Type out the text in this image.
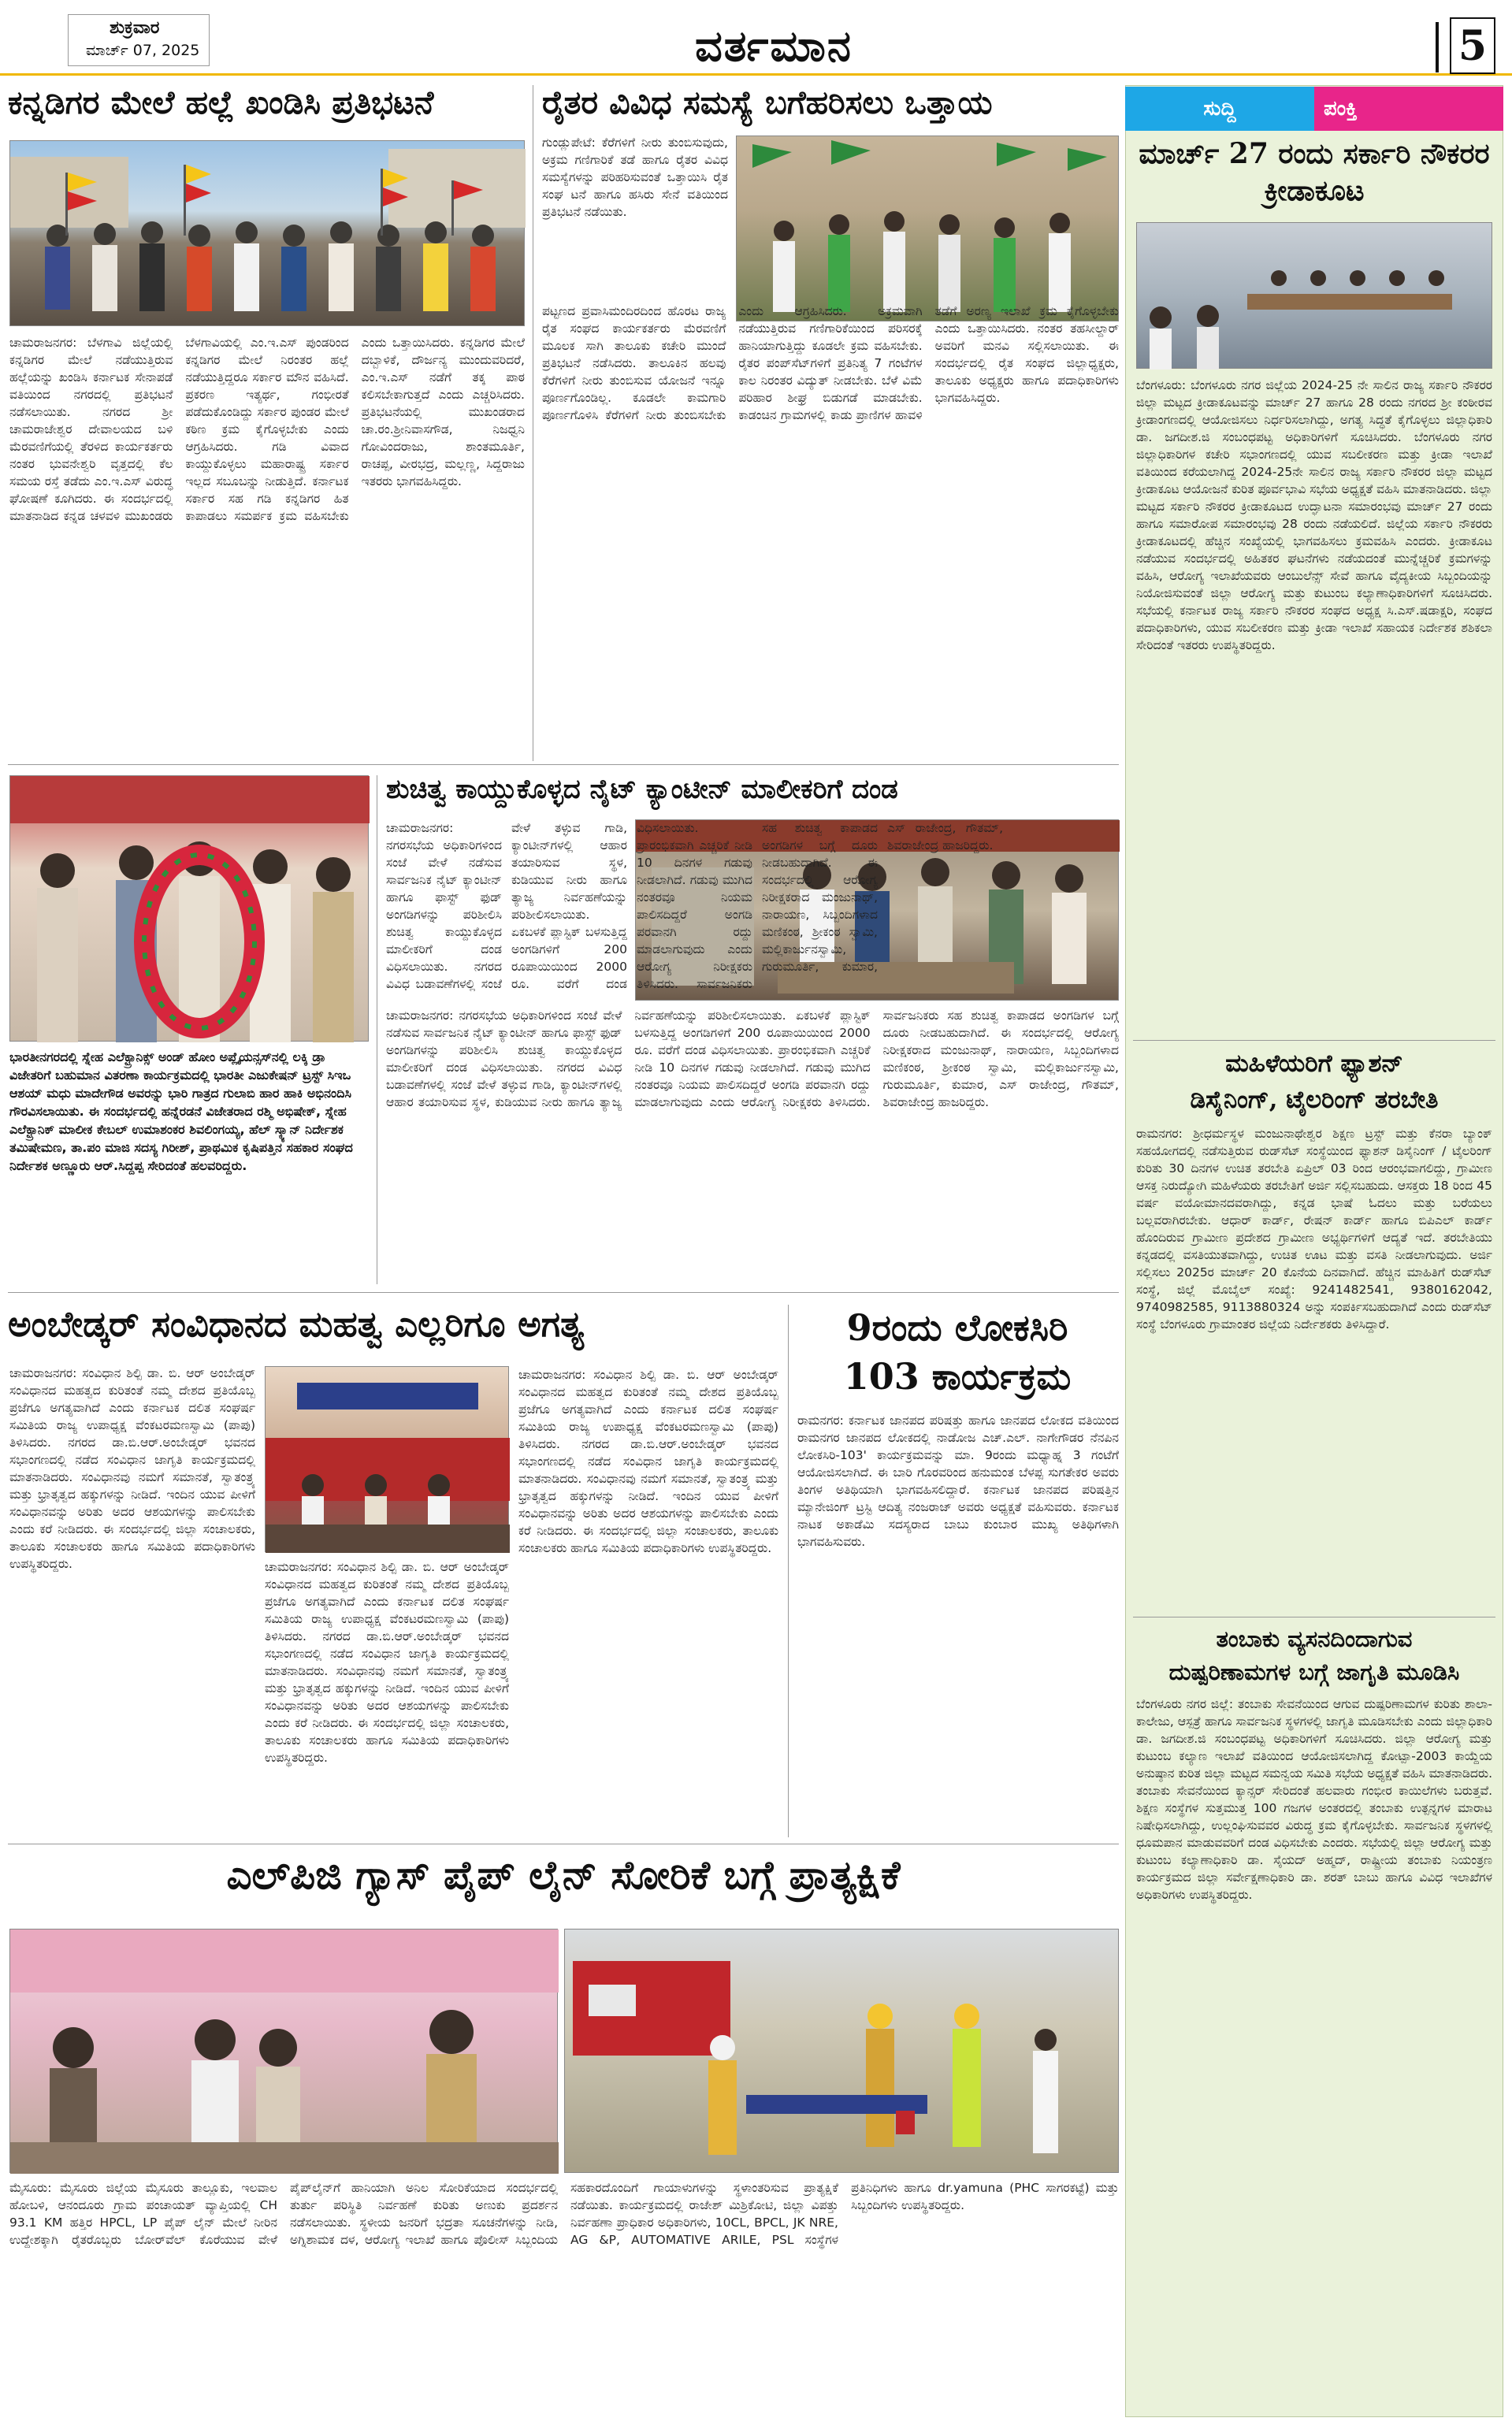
ಶುಕ್ರವಾರ
ಮಾರ್ಚ್ 07, 2025	ವರ್ತಮಾನ	5
ಕನ್ನಡಿಗರ ಮೇಲೆ ಹಲ್ಲೆ ಖಂಡಿಸಿ ಪ್ರತಿಭಟನೆ
ಚಾಮರಾಜನಗರ: ಬೆಳಗಾವಿ ಜಿಲ್ಲೆಯಲ್ಲಿ ಕನ್ನಡಿಗರ ಮೇಲೆ ನಡೆಯುತ್ತಿರುವ ಹಲ್ಲೆಯನ್ನು ಖಂಡಿಸಿ ಕರ್ನಾಟಕ ಸೇನಾಪಡೆ ವತಿಯಿಂದ ನಗರದಲ್ಲಿ ಪ್ರತಿಭಟನೆ ನಡೆಸಲಾಯಿತು. ನಗರದ ಶ್ರೀ ಚಾಮರಾಜೇಶ್ವರ ದೇವಾಲಯದ ಬಳಿ ಮೆರವಣಿಗೆಯಲ್ಲಿ ತೆರಳಿದ ಕಾರ್ಯಕರ್ತರು ನಂತರ ಭುವನೇಶ್ವರಿ ವೃತ್ತದಲ್ಲಿ ಕೆಲ ಸಮಯ ರಸ್ತೆ ತಡೆದು ಎಂ.ಇ.ಎಸ್ ವಿರುದ್ಧ ಘೋಷಣೆ ಕೂಗಿದರು. ಈ ಸಂದರ್ಭದಲ್ಲಿ ಮಾತನಾಡಿದ ಕನ್ನಡ ಚಳವಳಿ ಮುಖಂಡರು ಬೆಳಗಾವಿಯಲ್ಲಿ ಎಂ.ಇ.ಎಸ್ ಪುಂಡರಿಂದ ಕನ್ನಡಿಗರ ಮೇಲೆ ನಿರಂತರ ಹಲ್ಲೆ ನಡೆಯುತ್ತಿದ್ದರೂ ಸರ್ಕಾರ ಮೌನ ವಹಿಸಿದೆ. ಪ್ರಕರಣ ಇತ್ಯರ್ಥ, ಗಂಭೀರತೆ ಪಡೆದುಕೊಂಡಿದ್ದು ಸರ್ಕಾರ ಪುಂಡರ ಮೇಲೆ ಕಠಿಣ ಕ್ರಮ ಕೈಗೊಳ್ಳಬೇಕು ಎಂದು ಆಗ್ರಹಿಸಿದರು. ಗಡಿ ವಿವಾದ ಕಾಯ್ದುಕೊಳ್ಳಲು ಮಹಾರಾಷ್ಟ್ರ ಸರ್ಕಾರ ಇಲ್ಲದ ಸಬೂಬನ್ನು ನೀಡುತ್ತಿದೆ. ಕರ್ನಾಟಕ ಸರ್ಕಾರ ಸಹ ಗಡಿ ಕನ್ನಡಿಗರ ಹಿತ ಕಾಪಾಡಲು ಸಮರ್ಪಕ ಕ್ರಮ ವಹಿಸಬೇಕು ಎಂದು ಒತ್ತಾಯಿಸಿದರು. ಕನ್ನಡಿಗರ ಮೇಲೆ ದಬ್ಬಾಳಿಕೆ, ದೌರ್ಜನ್ಯ ಮುಂದುವರಿದರೆ, ಎಂ.ಇ.ಎಸ್ ನಡೆಗೆ ತಕ್ಕ ಪಾಠ ಕಲಿಸಬೇಕಾಗುತ್ತದೆ ಎಂದು ಎಚ್ಚರಿಸಿದರು. ಪ್ರತಿಭಟನೆಯಲ್ಲಿ ಮುಖಂಡರಾದ ಚಾ.ರಂ.ಶ್ರೀನಿವಾಸಗೌಡ, ನಿಜಧ್ವನಿ ಗೋವಿಂದರಾಜು, ಶಾಂತಮೂರ್ತಿ, ರಾಚಪ್ಪ, ವೀರಭದ್ರ, ಮಲ್ಲಣ್ಣ, ಸಿದ್ದರಾಜು ಇತರರು ಭಾಗವಹಿಸಿದ್ದರು.
ರೈತರ ವಿವಿಧ ಸಮಸ್ಯೆ ಬಗೆಹರಿಸಲು ಒತ್ತಾಯ
ಗುಂಡ್ಲುಪೇಟೆ: ಕೆರೆಗಳಿಗೆ ನೀರು ತುಂಬಿಸುವುದು, ಅಕ್ರಮ ಗಣಿಗಾರಿಕೆ ತಡೆ ಹಾಗೂ ರೈತರ ವಿವಿಧ ಸಮಸ್ಯೆಗಳನ್ನು ಪರಿಹರಿಸುವಂತೆ ಒತ್ತಾಯಿಸಿ ರೈತ ಸಂಘ ಟನೆ ಹಾಗೂ ಹಸಿರು ಸೇನೆ ವತಿಯಿಂದ ಪ್ರತಿಭಟನೆ ನಡೆಯಿತು.
ಪಟ್ಟಣದ ಪ್ರವಾಸಿಮಂದಿರದಿಂದ ಹೊರಟ ರಾಜ್ಯ ರೈತ ಸಂಘದ ಕಾರ್ಯಕರ್ತರು ಮೆರವಣಿಗೆ ಮೂಲಕ ಸಾಗಿ ತಾಲೂಕು ಕಚೇರಿ ಮುಂದೆ ಪ್ರತಿಭಟನೆ ನಡೆಸಿದರು. ತಾಲೂಕಿನ ಹಲವು ಕೆರೆಗಳಿಗೆ ನೀರು ತುಂಬಿಸುವ ಯೋಜನೆ ಇನ್ನೂ ಪೂರ್ಣಗೊಂಡಿಲ್ಲ. ಕೂಡಲೇ ಕಾಮಗಾರಿ ಪೂರ್ಣಗೊಳಿಸಿ ಕೆರೆಗಳಿಗೆ ನೀರು ತುಂಬಿಸಬೇಕು ಎಂದು ಆಗ್ರಹಿಸಿದರು. ಅಕ್ರಮವಾಗಿ ನಡೆಯುತ್ತಿರುವ ಗಣಿಗಾರಿಕೆಯಿಂದ ಪರಿಸರಕ್ಕೆ ಹಾನಿಯಾಗುತ್ತಿದ್ದು ಕೂಡಲೇ ಕ್ರಮ ವಹಿಸಬೇಕು. ರೈತರ ಪಂಪ್‌ಸೆಟ್‌ಗಳಿಗೆ ಪ್ರತಿನಿತ್ಯ 7 ಗಂಟೆಗಳ ಕಾಲ ನಿರಂತರ ವಿದ್ಯುತ್ ನೀಡಬೇಕು. ಬೆಳೆ ವಿಮೆ ಪರಿಹಾರ ಶೀಘ್ರ ಬಿಡುಗಡೆ ಮಾಡಬೇಕು. ಕಾಡಂಚಿನ ಗ್ರಾಮಗಳಲ್ಲಿ ಕಾಡು ಪ್ರಾಣಿಗಳ ಹಾವಳಿ ತಡೆಗೆ ಅರಣ್ಯ ಇಲಾಖೆ ಕ್ರಮ ಕೈಗೊಳ್ಳಬೇಕು ಎಂದು ಒತ್ತಾಯಿಸಿದರು. ನಂತರ ತಹಸೀಲ್ದಾರ್ ಅವರಿಗೆ ಮನವಿ ಸಲ್ಲಿಸಲಾಯಿತು. ಈ ಸಂದರ್ಭದಲ್ಲಿ ರೈತ ಸಂಘದ ಜಿಲ್ಲಾಧ್ಯಕ್ಷರು, ತಾಲೂಕು ಅಧ್ಯಕ್ಷರು ಹಾಗೂ ಪದಾಧಿಕಾರಿಗಳು ಭಾಗವಹಿಸಿದ್ದರು.
ಭಾರತೀನಗರದಲ್ಲಿ ಸ್ನೇಹ ಎಲೆಕ್ಟ್ರಾನಿಕ್ಸ್ ಅಂಡ್ ಹೋಂ ಅಪ್ಲೈಯನ್ಸಸ್‌ನಲ್ಲಿ ಲಕ್ಕಿ ಡ್ರಾ ವಿಜೇತರಿಗೆ ಬಹುಮಾನ ವಿತರಣಾ ಕಾರ್ಯಕ್ರಮದಲ್ಲಿ ಭಾರತೀ ಎಜುಕೇಷನ್ ಟ್ರಸ್ಟ್ ಸಿಇಒ ಆಶಯ್ ಮಧು ಮಾದೇಗೌಡ ಅವರನ್ನು ಭಾರಿ ಗಾತ್ರದ ಗುಲಾಬಿ ಹಾರ ಹಾಕಿ ಅಭಿನಂದಿಸಿ ಗೌರವಿಸಲಾಯಿತು. ಈ ಸಂದರ್ಭದಲ್ಲಿ ಹನ್ನೆರಡನೆ ವಿಜೇತರಾದ ರಶ್ಮಿ ಅಭಿಷೇಕ್, ಸ್ನೇಹ ಎಲೆಕ್ಟ್ರಾನಿಕ್ ಮಾಲೀಕ ಕೇಬಲ್ ಉಮಾಶಂಕರ ಶಿವಲಿಂಗಯ್ಯ, ಹೆಲ್ ಸ್ಕ್ಯಾನ್ ನಿರ್ದೇಶಕ ತಮಿಷೇಮಣ, ತಾ.ಪಂ ಮಾಜಿ ಸದಸ್ಯ ಗಿರೀಶ್, ಪ್ರಾಥಮಿಕ ಕೃಷಿಪತ್ತಿನ ಸಹಕಾರ ಸಂಘದ ನಿರ್ದೇಶಕ ಅಣ್ಣೂರು ಆರ್.ಸಿದ್ದಪ್ಪ ಸೇರಿದಂತೆ ಹಲವರಿದ್ದರು.
ಶುಚಿತ್ವ ಕಾಯ್ದುಕೊಳ್ಳದ ನೈಟ್ ಕ್ಯಾಂಟೀನ್ ಮಾಲೀಕರಿಗೆ ದಂಡ
ಚಾಮರಾಜನಗರ: ನಗರಸಭೆಯ ಅಧಿಕಾರಿಗಳಿಂದ ಸಂಜೆ ವೇಳೆ ನಡೆಸುವ ಸಾರ್ವಜನಿಕ ನೈಟ್ ಕ್ಯಾಂಟೀನ್ ಹಾಗೂ ಫಾಸ್ಟ್ ಫುಡ್ ಅಂಗಡಿಗಳನ್ನು ಪರಿಶೀಲಿಸಿ ಶುಚಿತ್ವ ಕಾಯ್ದುಕೊಳ್ಳದ ಮಾಲೀಕರಿಗೆ ದಂಡ ವಿಧಿಸಲಾಯಿತು. ನಗರದ ವಿವಿಧ ಬಡಾವಣೆಗಳಲ್ಲಿ ಸಂಜೆ ವೇಳೆ ತಳ್ಳುವ ಗಾಡಿ, ಕ್ಯಾಂಟೀನ್‌ಗಳಲ್ಲಿ ಆಹಾರ ತಯಾರಿಸುವ ಸ್ಥಳ, ಕುಡಿಯುವ ನೀರು ಹಾಗೂ ತ್ಯಾಜ್ಯ ನಿರ್ವಹಣೆಯನ್ನು ಪರಿಶೀಲಿಸಲಾಯಿತು. ಏಕಬಳಕೆ ಪ್ಲಾಸ್ಟಿಕ್ ಬಳಸುತ್ತಿದ್ದ ಅಂಗಡಿಗಳಿಗೆ 200 ರೂಪಾಯಿಯಿಂದ 2000 ರೂ. ವರೆಗೆ ದಂಡ
ಚಾಮರಾಜನಗರ: ನಗರಸಭೆಯ ಅಧಿಕಾರಿಗಳಿಂದ ಸಂಜೆ ವೇಳೆ ನಡೆಸುವ ಸಾರ್ವಜನಿಕ ನೈಟ್ ಕ್ಯಾಂಟೀನ್ ಹಾಗೂ ಫಾಸ್ಟ್ ಫುಡ್ ಅಂಗಡಿಗಳನ್ನು ಪರಿಶೀಲಿಸಿ ಶುಚಿತ್ವ ಕಾಯ್ದುಕೊಳ್ಳದ ಮಾಲೀಕರಿಗೆ ದಂಡ ವಿಧಿಸಲಾಯಿತು. ನಗರದ ವಿವಿಧ ಬಡಾವಣೆಗಳಲ್ಲಿ ಸಂಜೆ ವೇಳೆ ತಳ್ಳುವ ಗಾಡಿ, ಕ್ಯಾಂಟೀನ್‌ಗಳಲ್ಲಿ ಆಹಾರ ತಯಾರಿಸುವ ಸ್ಥಳ, ಕುಡಿಯುವ ನೀರು ಹಾಗೂ ತ್ಯಾಜ್ಯ ನಿರ್ವಹಣೆಯನ್ನು ಪರಿಶೀಲಿಸಲಾಯಿತು. ಏಕಬಳಕೆ ಪ್ಲಾಸ್ಟಿಕ್ ಬಳಸುತ್ತಿದ್ದ ಅಂಗಡಿಗಳಿಗೆ 200 ರೂಪಾಯಿಯಿಂದ 2000 ರೂ. ವರೆಗೆ ದಂಡ ವಿಧಿಸಲಾಯಿತು. ಪ್ರಾರಂಭಿಕವಾಗಿ ಎಚ್ಚರಿಕೆ ನೀಡಿ 10 ದಿನಗಳ ಗಡುವು ನೀಡಲಾಗಿದೆ. ಗಡುವು ಮುಗಿದ ನಂತರವೂ ನಿಯಮ ಪಾಲಿಸದಿದ್ದರೆ ಅಂಗಡಿ ಪರವಾನಗಿ ರದ್ದು ಮಾಡಲಾಗುವುದು ಎಂದು ಆರೋಗ್ಯ ನಿರೀಕ್ಷಕರು ತಿಳಿಸಿದರು. ಸಾರ್ವಜನಿಕರು ಸಹ ಶುಚಿತ್ವ ಕಾಪಾಡದ ಅಂಗಡಿಗಳ ಬಗ್ಗೆ ದೂರು ನೀಡಬಹುದಾಗಿದೆ. ಈ ಸಂದರ್ಭದಲ್ಲಿ ಆರೋಗ್ಯ ನಿರೀಕ್ಷಕರಾದ ಮಂಜುನಾಥ್, ನಾರಾಯಣ, ಸಿಬ್ಬಂದಿಗಳಾದ ಮಣಿಕಂಠ, ಶ್ರೀಕಂಠ ಸ್ವಾಮಿ, ಮಲ್ಲಿಕಾರ್ಜುನಸ್ವಾಮಿ, ಗುರುಮೂರ್ತಿ, ಕುಮಾರ, ಎಸ್ ರಾಜೇಂದ್ರ, ಗೌತಮ್, ಶಿವರಾಜೇಂದ್ರ ಹಾಜರಿದ್ದರು.
ಅಂಬೇಡ್ಕರ್ ಸಂವಿಧಾನದ ಮಹತ್ವ ಎಲ್ಲರಿಗೂ ಅಗತ್ಯ
ಚಾಮರಾಜನಗರ: ಸಂವಿಧಾನ ಶಿಲ್ಪಿ ಡಾ. ಬಿ. ಆರ್ ಅಂಬೇಡ್ಕರ್ ಸಂವಿಧಾನದ ಮಹತ್ವದ ಕುರಿತಂತೆ ನಮ್ಮ ದೇಶದ ಪ್ರತಿಯೊಬ್ಬ ಪ್ರಜೆಗೂ ಅಗತ್ಯವಾಗಿದೆ ಎಂದು ಕರ್ನಾಟಕ ದಲಿತ ಸಂಘರ್ಷ ಸಮಿತಿಯ ರಾಜ್ಯ ಉಪಾಧ್ಯಕ್ಷ ವೆಂಕಟರಮಣಸ್ವಾಮಿ (ಪಾಪು) ತಿಳಿಸಿದರು. ನಗರದ ಡಾ.ಬಿ.ಆರ್.ಅಂಬೇಡ್ಕರ್ ಭವನದ ಸಭಾಂಗಣದಲ್ಲಿ ನಡೆದ ಸಂವಿಧಾನ ಜಾಗೃತಿ ಕಾರ್ಯಕ್ರಮದಲ್ಲಿ ಮಾತನಾಡಿದರು. ಸಂವಿಧಾನವು ನಮಗೆ ಸಮಾನತೆ, ಸ್ವಾತಂತ್ರ್ಯ ಮತ್ತು ಭ್ರಾತೃತ್ವದ ಹಕ್ಕುಗಳನ್ನು ನೀಡಿದೆ. ಇಂದಿನ ಯುವ ಪೀಳಿಗೆ ಸಂವಿಧಾನವನ್ನು ಅರಿತು ಅದರ ಆಶಯಗಳನ್ನು ಪಾಲಿಸಬೇಕು ಎಂದು ಕರೆ ನೀಡಿದರು. ಈ ಸಂದರ್ಭದಲ್ಲಿ ಜಿಲ್ಲಾ ಸಂಚಾಲಕರು, ತಾಲೂಕು ಸಂಚಾಲಕರು ಹಾಗೂ ಸಮಿತಿಯ ಪದಾಧಿಕಾರಿಗಳು ಉಪಸ್ಥಿತರಿದ್ದರು.	ಚಾಮರಾಜನಗರ: ಸಂವಿಧಾನ ಶಿಲ್ಪಿ ಡಾ. ಬಿ. ಆರ್ ಅಂಬೇಡ್ಕರ್ ಸಂವಿಧಾನದ ಮಹತ್ವದ ಕುರಿತಂತೆ ನಮ್ಮ ದೇಶದ ಪ್ರತಿಯೊಬ್ಬ ಪ್ರಜೆಗೂ ಅಗತ್ಯವಾಗಿದೆ ಎಂದು ಕರ್ನಾಟಕ ದಲಿತ ಸಂಘರ್ಷ ಸಮಿತಿಯ ರಾಜ್ಯ ಉಪಾಧ್ಯಕ್ಷ ವೆಂಕಟರಮಣಸ್ವಾಮಿ (ಪಾಪು) ತಿಳಿಸಿದರು. ನಗರದ ಡಾ.ಬಿ.ಆರ್.ಅಂಬೇಡ್ಕರ್ ಭವನದ ಸಭಾಂಗಣದಲ್ಲಿ ನಡೆದ ಸಂವಿಧಾನ ಜಾಗೃತಿ ಕಾರ್ಯಕ್ರಮದಲ್ಲಿ ಮಾತನಾಡಿದರು. ಸಂವಿಧಾನವು ನಮಗೆ ಸಮಾನತೆ, ಸ್ವಾತಂತ್ರ್ಯ ಮತ್ತು ಭ್ರಾತೃತ್ವದ ಹಕ್ಕುಗಳನ್ನು ನೀಡಿದೆ. ಇಂದಿನ ಯುವ ಪೀಳಿಗೆ ಸಂವಿಧಾನವನ್ನು ಅರಿತು ಅದರ ಆಶಯಗಳನ್ನು ಪಾಲಿಸಬೇಕು ಎಂದು ಕರೆ ನೀಡಿದರು. ಈ ಸಂದರ್ಭದಲ್ಲಿ ಜಿಲ್ಲಾ ಸಂಚಾಲಕರು, ತಾಲೂಕು ಸಂಚಾಲಕರು ಹಾಗೂ ಸಮಿತಿಯ ಪದಾಧಿಕಾರಿಗಳು ಉಪಸ್ಥಿತರಿದ್ದರು.
ಚಾಮರಾಜನಗರ: ಸಂವಿಧಾನ ಶಿಲ್ಪಿ ಡಾ. ಬಿ. ಆರ್ ಅಂಬೇಡ್ಕರ್ ಸಂವಿಧಾನದ ಮಹತ್ವದ ಕುರಿತಂತೆ ನಮ್ಮ ದೇಶದ ಪ್ರತಿಯೊಬ್ಬ ಪ್ರಜೆಗೂ ಅಗತ್ಯವಾಗಿದೆ ಎಂದು ಕರ್ನಾಟಕ ದಲಿತ ಸಂಘರ್ಷ ಸಮಿತಿಯ ರಾಜ್ಯ ಉಪಾಧ್ಯಕ್ಷ ವೆಂಕಟರಮಣಸ್ವಾಮಿ (ಪಾಪು) ತಿಳಿಸಿದರು. ನಗರದ ಡಾ.ಬಿ.ಆರ್.ಅಂಬೇಡ್ಕರ್ ಭವನದ ಸಭಾಂಗಣದಲ್ಲಿ ನಡೆದ ಸಂವಿಧಾನ ಜಾಗೃತಿ ಕಾರ್ಯಕ್ರಮದಲ್ಲಿ ಮಾತನಾಡಿದರು. ಸಂವಿಧಾನವು ನಮಗೆ ಸಮಾನತೆ, ಸ್ವಾತಂತ್ರ್ಯ ಮತ್ತು ಭ್ರಾತೃತ್ವದ ಹಕ್ಕುಗಳನ್ನು ನೀಡಿದೆ. ಇಂದಿನ ಯುವ ಪೀಳಿಗೆ ಸಂವಿಧಾನವನ್ನು ಅರಿತು ಅದರ ಆಶಯಗಳನ್ನು ಪಾಲಿಸಬೇಕು ಎಂದು ಕರೆ ನೀಡಿದರು. ಈ ಸಂದರ್ಭದಲ್ಲಿ ಜಿಲ್ಲಾ ಸಂಚಾಲಕರು, ತಾಲೂಕು ಸಂಚಾಲಕರು ಹಾಗೂ ಸಮಿತಿಯ ಪದಾಧಿಕಾರಿಗಳು ಉಪಸ್ಥಿತರಿದ್ದರು.
9ರಂದು ಲೋಕಸಿರಿ
103 ಕಾರ್ಯಕ್ರಮ
ರಾಮನಗರ: ಕರ್ನಾಟಕ ಜಾನಪದ ಪರಿಷತ್ತು ಹಾಗೂ ಜಾನಪದ ಲೋಕದ ವತಿಯಿಂದ ರಾಮನಗರ ಜಾನಪದ ಲೋಕದಲ್ಲಿ ನಾಡೋಜ ಎಚ್.ಎಲ್. ನಾಗೇಗೌಡರ ನೆನಪಿನ ಲೋಕಸಿರಿ-103' ಕಾರ್ಯಕ್ರಮವನ್ನು ಮಾ. 9ರಂದು ಮಧ್ಯಾಹ್ನ 3 ಗಂಟೆಗೆ ಆಯೋಜಿಸಲಾಗಿದೆ. ಈ ಬಾರಿ ಗೊರವರಿಂದ ಹನುಮಂತ ಬೆಳಪ್ಪ ಸುಗತೇಕರ ಅವರು ತಿಂಗಳ ಅತಿಥಿಯಾಗಿ ಭಾಗವಹಿಸಲಿದ್ದಾರೆ. ಕರ್ನಾಟಕ ಜಾನಪದ ಪರಿಷತ್ತಿನ ಮ್ಯಾನೇಜಿಂಗ್ ಟ್ರಸ್ಟಿ ಆದಿತ್ಯ ನಂಜರಾಜ್ ಅವರು ಅಧ್ಯಕ್ಷತೆ ವಹಿಸುವರು. ಕರ್ನಾಟಕ ನಾಟಕ ಅಕಾಡೆಮಿ ಸದಸ್ಯರಾದ ಬಾಬು ಕುಂಬಾರ ಮುಖ್ಯ ಅತಿಥಿಗಳಾಗಿ ಭಾಗವಹಿಸುವರು.
ಎಲ್‌ಪಿಜಿ ಗ್ಯಾಸ್ ಪೈಪ್ ಲೈನ್ ಸೋರಿಕೆ ಬಗ್ಗೆ ಪ್ರಾತ್ಯಕ್ಷಿಕೆ
ಮೈಸೂರು: ಮೈಸೂರು ಜಿಲ್ಲೆಯ ಮೈಸೂರು ತಾಲ್ಲೂಕು, ಇಲವಾಲ ಹೋಬಳಿ, ಆನಂದೂರು ಗ್ರಾಮ ಪಂಚಾಯತ್ ವ್ಯಾಪ್ತಿಯಲ್ಲಿ CH 93.1 KM ಹತ್ತಿರ HPCL, LP ಪೈಪ್ ಲೈನ್ ಮೇಲೆ ನೀರಿನ ಉದ್ದೇಶಕ್ಕಾಗಿ ರೈತರೊಬ್ಬರು ಬೋರ್‌ವೆಲ್ ಕೊರೆಯುವ ವೇಳೆ ಪೈಪ್‌ಲೈನ್‌ಗೆ ಹಾನಿಯಾಗಿ ಅನಿಲ ಸೋರಿಕೆಯಾದ ಸಂದರ್ಭದಲ್ಲಿ ತುರ್ತು ಪರಿಸ್ಥಿತಿ ನಿರ್ವಹಣೆ ಕುರಿತು ಅಣುಕು ಪ್ರದರ್ಶನ ನಡೆಸಲಾಯಿತು. ಸ್ಥಳೀಯ ಜನರಿಗೆ ಭದ್ರತಾ ಸೂಚನೆಗಳನ್ನು ನೀಡಿ, ಅಗ್ನಿಶಾಮಕ ದಳ, ಆರೋಗ್ಯ ಇಲಾಖೆ ಹಾಗೂ ಪೊಲೀಸ್ ಸಿಬ್ಬಂದಿಯ ಸಹಕಾರದೊಂದಿಗೆ ಗಾಯಾಳುಗಳನ್ನು ಸ್ಥಳಾಂತರಿಸುವ ಪ್ರಾತ್ಯಕ್ಷಿಕೆ ನಡೆಯಿತು. ಕಾರ್ಯಕ್ರಮದಲ್ಲಿ ರಾಜೇಶ್ ಮಿಶ್ರಿಕೋಟಿ, ಜಿಲ್ಲಾ ವಿಪತ್ತು ನಿರ್ವಹಣಾ ಪ್ರಾಧಿಕಾರ ಅಧಿಕಾರಿಗಳು, 10CL, BPCL, JK NRE, AG &P, AUTOMATIVE ARILE, PSL ಸಂಸ್ಥೆಗಳ ಪ್ರತಿನಿಧಿಗಳು ಹಾಗೂ dr.yamuna (PHC ಸಾಗರಕಟ್ಟೆ) ಮತ್ತು ಸಿಬ್ಬಂದಿಗಳು ಉಪಸ್ಥಿತರಿದ್ದರು.
ಸುದ್ದಿ	ಪಂಕ್ತಿ
ಮಾರ್ಚ್ 27 ರಂದು ಸರ್ಕಾರಿ ನೌಕರರ ಕ್ರೀಡಾಕೂಟ
ಬೆಂಗಳೂರು: ಬೆಂಗಳೂರು ನಗರ ಜಿಲ್ಲೆಯ 2024-25 ನೇ ಸಾಲಿನ ರಾಜ್ಯ ಸರ್ಕಾರಿ ನೌಕರರ ಜಿಲ್ಲಾ ಮಟ್ಟದ ಕ್ರೀಡಾಕೂಟವನ್ನು ಮಾರ್ಚ್ 27 ಹಾಗೂ 28 ರಂದು ನಗರದ ಶ್ರೀ ಕಂಠೀರವ ಕ್ರೀಡಾಂಗಣದಲ್ಲಿ ಆಯೋಜಿಸಲು ನಿರ್ಧರಿಸಲಾಗಿದ್ದು, ಅಗತ್ಯ ಸಿದ್ಧತೆ ಕೈಗೊಳ್ಳಲು ಜಿಲ್ಲಾಧಿಕಾರಿ ಡಾ. ಜಗದೀಶ.ಜಿ ಸಂಬಂಧಪಟ್ಟ ಅಧಿಕಾರಿಗಳಿಗೆ ಸೂಚಿಸಿದರು. ಬೆಂಗಳೂರು ನಗರ ಜಿಲ್ಲಾಧಿಕಾರಿಗಳ ಕಚೇರಿ ಸಭಾಂಗಣದಲ್ಲಿ ಯುವ ಸಬಲೀಕರಣ ಮತ್ತು ಕ್ರೀಡಾ ಇಲಾಖೆ ವತಿಯಿಂದ ಕರೆಯಲಾಗಿದ್ದ 2024-25ನೇ ಸಾಲಿನ ರಾಜ್ಯ ಸರ್ಕಾರಿ ನೌಕರರ ಜಿಲ್ಲಾ ಮಟ್ಟದ ಕ್ರೀಡಾಕೂಟ ಆಯೋಜನೆ ಕುರಿತ ಪೂರ್ವಭಾವಿ ಸಭೆಯ ಅಧ್ಯಕ್ಷತೆ ವಹಿಸಿ ಮಾತನಾಡಿದರು. ಜಿಲ್ಲಾ ಮಟ್ಟದ ಸರ್ಕಾರಿ ನೌಕರರ ಕ್ರೀಡಾಕೂಟದ ಉದ್ಘಾಟನಾ ಸಮಾರಂಭವು ಮಾರ್ಚ್ 27 ರಂದು ಹಾಗೂ ಸಮಾರೋಪ ಸಮಾರಂಭವು 28 ರಂದು ನಡೆಯಲಿದೆ. ಜಿಲ್ಲೆಯ ಸರ್ಕಾರಿ ನೌಕರರು ಕ್ರೀಡಾಕೂಟದಲ್ಲಿ ಹೆಚ್ಚಿನ ಸಂಖ್ಯೆಯಲ್ಲಿ ಭಾಗವಹಿಸಲು ಕ್ರಮವಹಿಸಿ ಎಂದರು. ಕ್ರೀಡಾಕೂಟ ನಡೆಯುವ ಸಂದರ್ಭದಲ್ಲಿ ಅಹಿತಕರ ಘಟನೆಗಳು ನಡೆಯದಂತೆ ಮುನ್ನೆಚ್ಚರಿಕೆ ಕ್ರಮಗಳನ್ನು ವಹಿಸಿ, ಆರೋಗ್ಯ ಇಲಾಖೆಯವರು ಆಂಬುಲೆನ್ಸ್ ಸೇವೆ ಹಾಗೂ ವೈದ್ಯಕೀಯ ಸಿಬ್ಬಂದಿಯನ್ನು ನಿಯೋಜಿಸುವಂತೆ ಜಿಲ್ಲಾ ಆರೋಗ್ಯ ಮತ್ತು ಕುಟುಂಬ ಕಲ್ಯಾಣಾಧಿಕಾರಿಗಳಿಗೆ ಸೂಚಿಸಿದರು. ಸಭೆಯಲ್ಲಿ ಕರ್ನಾಟಕ ರಾಜ್ಯ ಸರ್ಕಾರಿ ನೌಕರರ ಸಂಘದ ಅಧ್ಯಕ್ಷ ಸಿ.ಎಸ್.ಷಡಾಕ್ಷರಿ, ಸಂಘದ ಪದಾಧಿಕಾರಿಗಳು, ಯುವ ಸಬಲೀಕರಣ ಮತ್ತು ಕ್ರೀಡಾ ಇಲಾಖೆ ಸಹಾಯಕ ನಿರ್ದೇಶಕ ಶಶಿಕಲಾ ಸೇರಿದಂತೆ ಇತರರು ಉಪಸ್ಥಿತರಿದ್ದರು.
ಮಹಿಳೆಯರಿಗೆ ಫ್ಯಾಶನ್
ಡಿಸೈನಿಂಗ್, ಟೈಲರಿಂಗ್ ತರಬೇತಿ
ರಾಮನಗರ: ಶ್ರೀಧರ್ಮಸ್ಥಳ ಮಂಜುನಾಥೇಶ್ವರ ಶಿಕ್ಷಣ ಟ್ರಸ್ಟ್ ಮತ್ತು ಕೆನರಾ ಬ್ಯಾಂಕ್ ಸಹಯೋಗದಲ್ಲಿ ನಡೆಸುತ್ತಿರುವ ರುಡ್‌ಸೆಟ್ ಸಂಸ್ಥೆಯಿಂದ ಫ್ಯಾಶನ್ ಡಿಸೈನಿಂಗ್ / ಟೈಲರಿಂಗ್ ಕುರಿತು 30 ದಿನಗಳ ಉಚಿತ ತರಬೇತಿ ಏಪ್ರಿಲ್ 03 ರಿಂದ ಆರಂಭವಾಗಲಿದ್ದು, ಗ್ರಾಮೀಣ ಆಸಕ್ತ ನಿರುದ್ಯೋಗಿ ಮಹಿಳೆಯರು ತರಬೇತಿಗೆ ಅರ್ಜಿ ಸಲ್ಲಿಸಬಹುದು. ಆಸಕ್ತರು 18 ರಿಂದ 45 ವರ್ಷ ವಯೋಮಾನದವರಾಗಿದ್ದು, ಕನ್ನಡ ಭಾಷೆ ಓದಲು ಮತ್ತು ಬರೆಯಲು ಬಲ್ಲವರಾಗಿರಬೇಕು. ಆಧಾರ್ ಕಾರ್ಡ್, ರೇಷನ್ ಕಾರ್ಡ್ ಹಾಗೂ ಬಿಪಿಎಲ್ ಕಾರ್ಡ್ ಹೊಂದಿರುವ ಗ್ರಾಮೀಣ ಪ್ರದೇಶದ ಗ್ರಾಮೀಣ ಅಭ್ಯರ್ಥಿಗಳಿಗೆ ಆದ್ಯತೆ ಇದೆ. ತರಬೇತಿಯು ಕನ್ನಡದಲ್ಲಿ ವಸತಿಯುತವಾಗಿದ್ದು, ಉಚಿತ ಊಟ ಮತ್ತು ವಸತಿ ನೀಡಲಾಗುವುದು. ಅರ್ಜಿ ಸಲ್ಲಿಸಲು 2025ರ ಮಾರ್ಚ್ 20 ಕೊನೆಯ ದಿನವಾಗಿದೆ. ಹೆಚ್ಚಿನ ಮಾಹಿತಿಗೆ ರುಡ್‌ಸೆಟ್ ಸಂಸ್ಥೆ, ಜಿಲ್ಲೆ ಮೊಬೈಲ್ ಸಂಖ್ಯೆ: 9241482541, 9380162042, 9740982585, 9113880324 ಅನ್ನು ಸಂಪರ್ಕಿಸಬಹುದಾಗಿದೆ ಎಂದು ರುಡ್‌ಸೆಟ್ ಸಂಸ್ಥೆ ಬೆಂಗಳೂರು ಗ್ರಾಮಾಂತರ ಜಿಲ್ಲೆಯ ನಿರ್ದೇಶಕರು ತಿಳಿಸಿದ್ದಾರೆ.
ತಂಬಾಕು ವ್ಯಸನದಿಂದಾಗುವ
ದುಷ್ಪರಿಣಾಮಗಳ ಬಗ್ಗೆ ಜಾಗೃತಿ ಮೂಡಿಸಿ
ಬೆಂಗಳೂರು ನಗರ ಜಿಲ್ಲೆ: ತಂಬಾಕು ಸೇವನೆಯಿಂದ ಆಗುವ ದುಷ್ಪರಿಣಾಮಗಳ ಕುರಿತು ಶಾಲಾ-ಕಾಲೇಜು, ಆಸ್ಪತ್ರೆ ಹಾಗೂ ಸಾರ್ವಜನಿಕ ಸ್ಥಳಗಳಲ್ಲಿ ಜಾಗೃತಿ ಮೂಡಿಸಬೇಕು ಎಂದು ಜಿಲ್ಲಾಧಿಕಾರಿ ಡಾ. ಜಗದೀಶ.ಜಿ ಸಂಬಂಧಪಟ್ಟ ಅಧಿಕಾರಿಗಳಿಗೆ ಸೂಚಿಸಿದರು. ಜಿಲ್ಲಾ ಆರೋಗ್ಯ ಮತ್ತು ಕುಟುಂಬ ಕಲ್ಯಾಣ ಇಲಾಖೆ ವತಿಯಿಂದ ಆಯೋಜಿಸಲಾಗಿದ್ದ ಕೋಟ್ಪಾ-2003 ಕಾಯ್ದೆಯ ಅನುಷ್ಠಾನ ಕುರಿತ ಜಿಲ್ಲಾ ಮಟ್ಟದ ಸಮನ್ವಯ ಸಮಿತಿ ಸಭೆಯ ಅಧ್ಯಕ್ಷತೆ ವಹಿಸಿ ಮಾತನಾಡಿದರು. ತಂಬಾಕು ಸೇವನೆಯಿಂದ ಕ್ಯಾನ್ಸರ್ ಸೇರಿದಂತೆ ಹಲವಾರು ಗಂಭೀರ ಕಾಯಿಲೆಗಳು ಬರುತ್ತವೆ. ಶಿಕ್ಷಣ ಸಂಸ್ಥೆಗಳ ಸುತ್ತಮುತ್ತ 100 ಗಜಗಳ ಅಂತರದಲ್ಲಿ ತಂಬಾಕು ಉತ್ಪನ್ನಗಳ ಮಾರಾಟ ನಿಷೇಧಿಸಲಾಗಿದ್ದು, ಉಲ್ಲಂಘಿಸುವವರ ವಿರುದ್ಧ ಕ್ರಮ ಕೈಗೊಳ್ಳಬೇಕು. ಸಾರ್ವಜನಿಕ ಸ್ಥಳಗಳಲ್ಲಿ ಧೂಮಪಾನ ಮಾಡುವವರಿಗೆ ದಂಡ ವಿಧಿಸಬೇಕು ಎಂದರು. ಸಭೆಯಲ್ಲಿ ಜಿಲ್ಲಾ ಆರೋಗ್ಯ ಮತ್ತು ಕುಟುಂಬ ಕಲ್ಯಾಣಾಧಿಕಾರಿ ಡಾ. ಸೈಯದ್ ಅಹ್ಮದ್, ರಾಷ್ಟ್ರೀಯ ತಂಬಾಕು ನಿಯಂತ್ರಣ ಕಾರ್ಯಕ್ರಮದ ಜಿಲ್ಲಾ ಸರ್ವೇಕ್ಷಣಾಧಿಕಾರಿ ಡಾ. ಶರತ್ ಬಾಬು ಹಾಗೂ ವಿವಿಧ ಇಲಾಖೆಗಳ ಅಧಿಕಾರಿಗಳು ಉಪಸ್ಥಿತರಿದ್ದರು.
